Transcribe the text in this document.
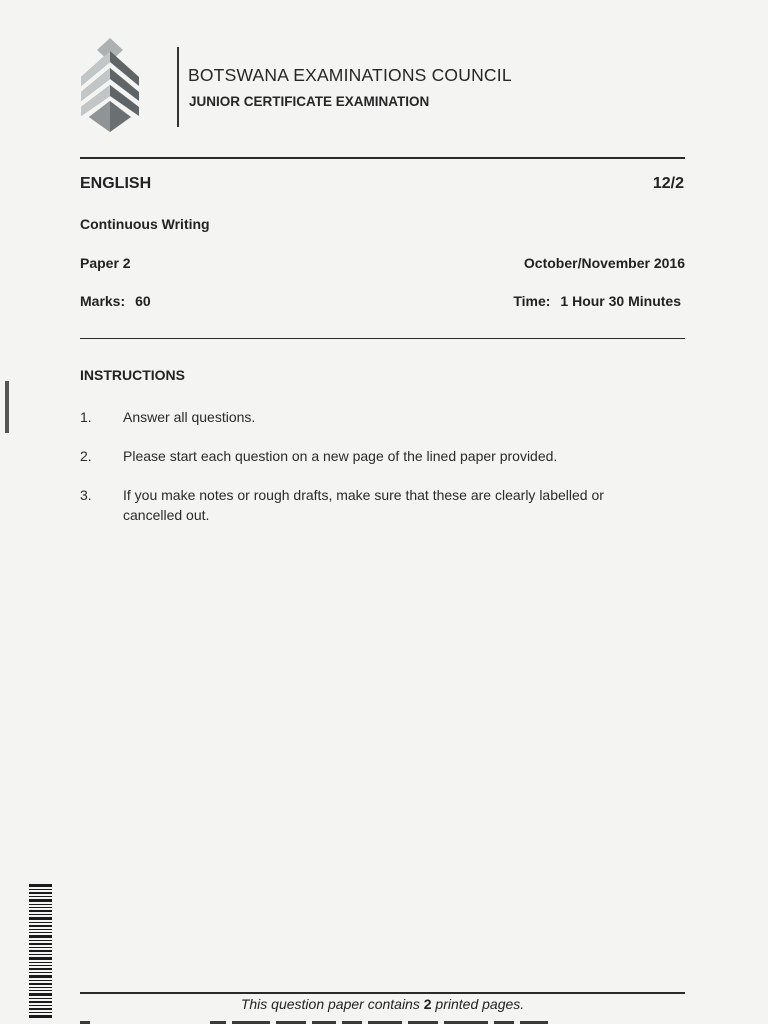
BOTSWANA EXAMINATIONS COUNCIL
JUNIOR CERTIFICATE EXAMINATION
ENGLISH	12/2
Continuous Writing
Paper 2	October/November 2016
Marks: 60	Time: 1 Hour 30 Minutes
INSTRUCTIONS
1. Answer all questions.
2. Please start each question on a new page of the lined paper provided.
3. If you make notes or rough drafts, make sure that these are clearly labelled or cancelled out.
This question paper contains 2 printed pages.
